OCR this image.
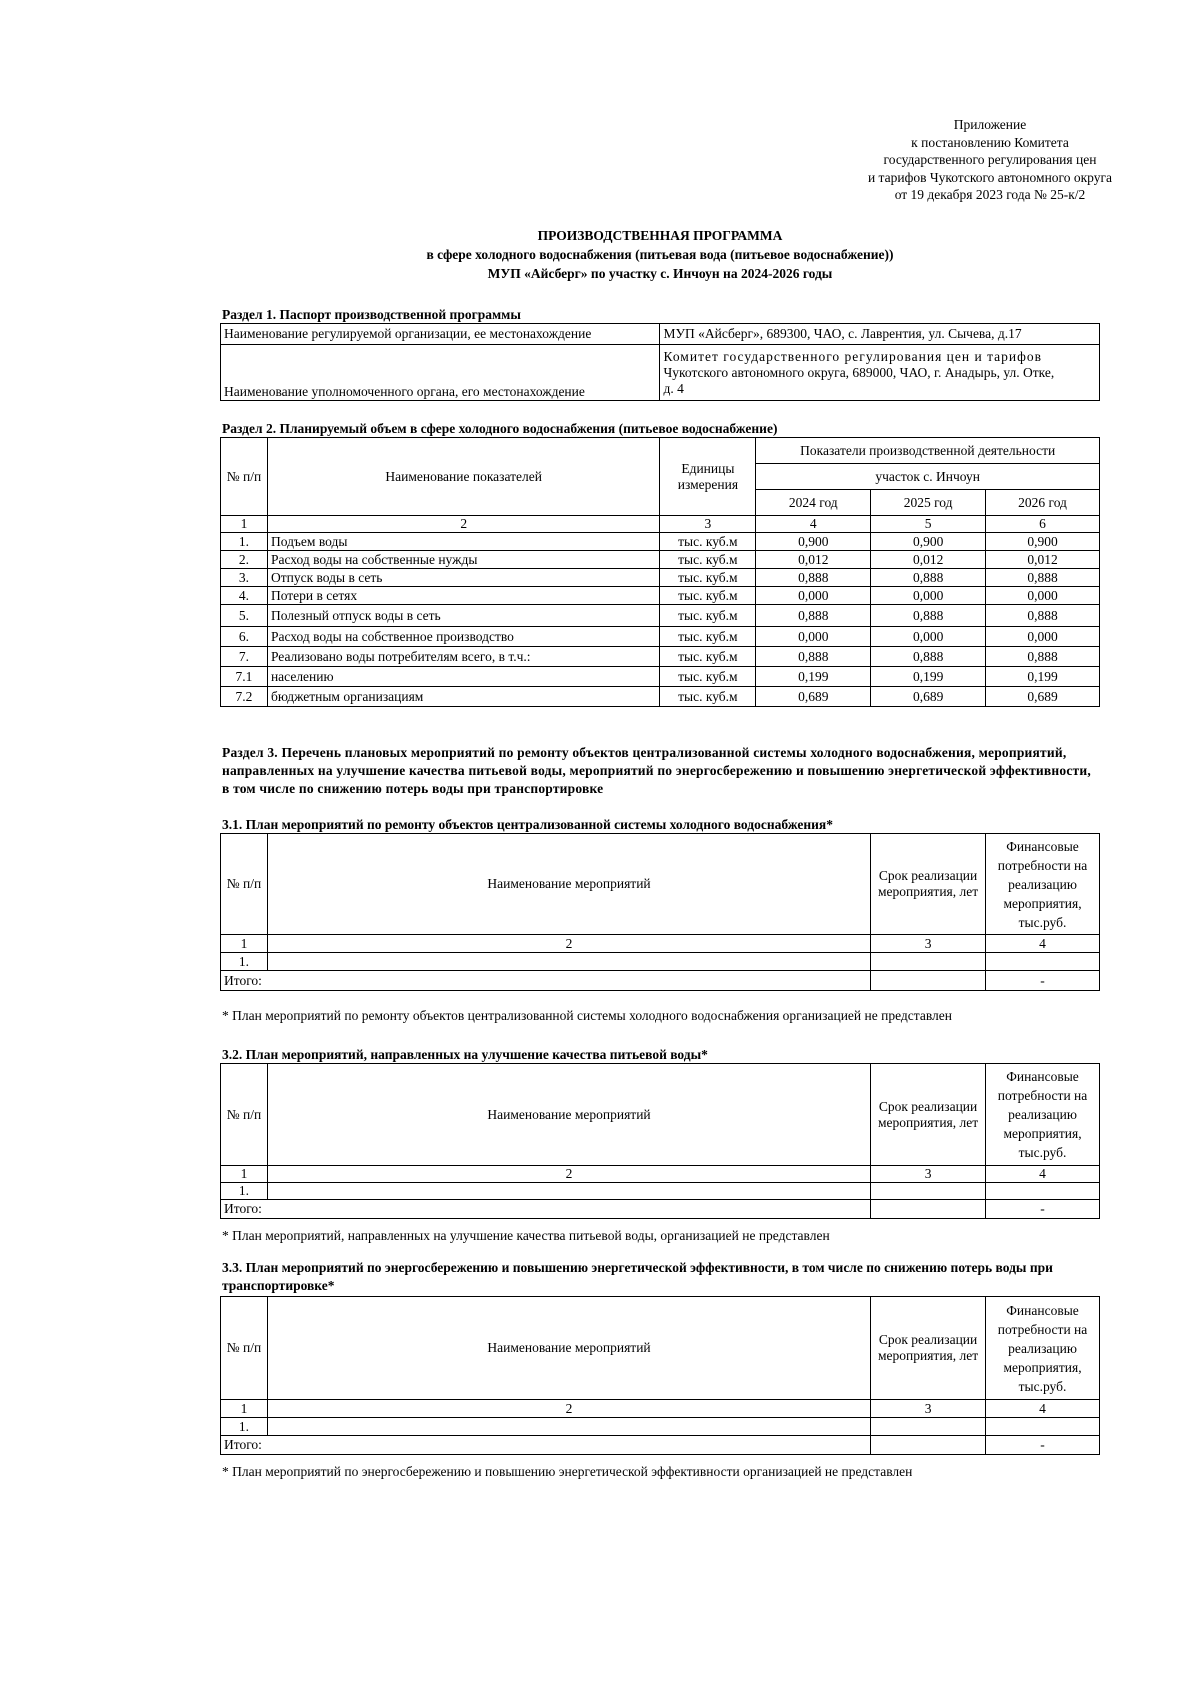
Приложение
к постановлению Комитета
государственного регулирования цен
и тарифов Чукотского автономного округа
от 19 декабря 2023 года № 25-к/2
ПРОИЗВОДСТВЕННАЯ ПРОГРАММА
в сфере холодного водоснабжения (питьевая вода (питьевое водоснабжение))
МУП «Айсберг» по участку с. Инчоун на 2024-2026 годы
Раздел 1. Паспорт производственной программы
Наименование регулируемой организации, ее местонахождение	МУП «Айсберг», 689300, ЧАО, с. Лаврентия, ул. Сычева, д.17
Наименование уполномоченного органа, его местонахождение	Комитет государственного регулирования цен и тарифов
Чукотского автономного округа, 689000, ЧАО, г. Анадырь, ул. Отке,
д. 4
Раздел 2. Планируемый объем в сфере холодного водоснабжения (питьевое водоснабжение)
№ п/п	Наименование показателей	Единицы измерения	Показатели производственной деятельности		
			участок с. Инчоун		
			2024 год	2025 год	2026 год
1	2	3	4	5	6
1.	Подъем воды	тыс. куб.м	0,900	0,900	0,900
2.	Расход воды на собственные нужды	тыс. куб.м	0,012	0,012	0,012
3.	Отпуск воды в сеть	тыс. куб.м	0,888	0,888	0,888
4.	Потери в сетях	тыс. куб.м	0,000	0,000	0,000
5.	Полезный отпуск воды в сеть	тыс. куб.м	0,888	0,888	0,888
6.	Расход воды на собственное производство	тыс. куб.м	0,000	0,000	0,000
7.	Реализовано воды потребителям всего, в т.ч.:	тыс. куб.м	0,888	0,888	0,888
7.1	населению	тыс. куб.м	0,199	0,199	0,199
7.2	бюджетным организациям	тыс. куб.м	0,689	0,689	0,689
Раздел 3. Перечень плановых мероприятий по ремонту объектов централизованной системы холодного водоснабжения, мероприятий, направленных на улучшение качества питьевой воды, мероприятий по энергосбережению и повышению энергетической эффективности, в том числе по снижению потерь воды при транспортировке
3.1. План мероприятий по ремонту объектов централизованной системы холодного водоснабжения*
№ п/п	Наименование мероприятий	Срок реализации мероприятия, лет	Финансовые потребности на реализацию мероприятия, тыс.руб.
1	2	3	4
1.			
Итого:			-
* План мероприятий по ремонту объектов централизованной системы холодного водоснабжения организацией не представлен
3.2. План мероприятий, направленных на улучшение качества питьевой воды*
№ п/п	Наименование мероприятий	Срок реализации мероприятия, лет	Финансовые потребности на реализацию мероприятия, тыс.руб.
1	2	3	4
1.			
Итого:			-
* План мероприятий, направленных на улучшение качества питьевой воды, организацией не представлен
3.3. План мероприятий по энергосбережению и повышению энергетической эффективности, в том числе по снижению потерь воды при транспортировке*
№ п/п	Наименование мероприятий	Срок реализации мероприятия, лет	Финансовые потребности на реализацию мероприятия, тыс.руб.
1	2	3	4
1.			
Итого:			-
* План мероприятий по энергосбережению и повышению энергетической эффективности организацией не представлен
